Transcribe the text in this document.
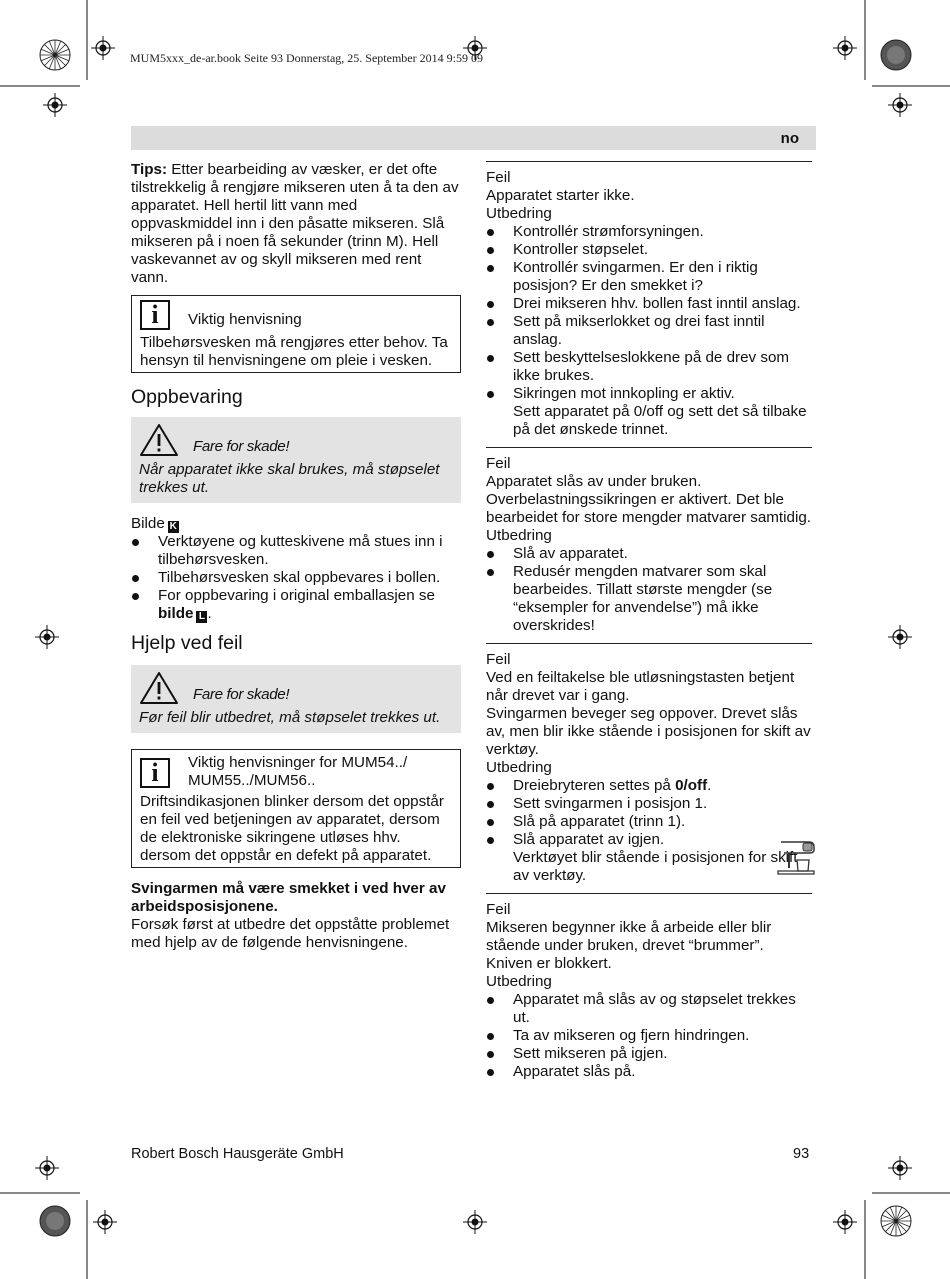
MUM5xxx_de-ar.book Seite 93 Donnerstag, 25. September 2014 9:59 09
no

Tips: Etter bearbeiding av væsker, er det ofte tilstrekkelig å rengjøre mikseren uten å ta den av apparatet. Hell hertil litt vann med oppvaskmiddel inn i den påsatte mikseren. Slå mikseren på i noen få sekunder (trinn M). Hell vaskevannet av og skyll mikseren med rent vann.

i	Viktig henvisning

Tilbehørsvesken må rengjøres etter behov. Ta hensyn til henvisningene om pleie i vesken.

Oppbevaring
Fare for skade!

Når apparatet ikke skal brukes, må støpselet trekkes ut.

Bilde K

Verktøyene og kutteskivene må stues inn i tilbehørsvesken.
Tilbehørsvesken skal oppbevares i bollen.
For oppbevaring i original emballasjen se bilde L .
Hjelp ved feil
Fare for skade!

Før feil blir utbedret, må støpselet trekkes ut.

i	Viktig henvisninger for MUM54../ MUM55../MUM56..

Driftsindikasjonen blinker dersom det oppstår en feil ved betjeningen av apparatet, dersom de elektroniske sikringene utløses hhv. dersom det oppstår en defekt på apparatet.

Svingarmen må være smekket i ved hver av arbeidsposisjonene.

Forsøk først at utbedre det oppståtte problemet med hjelp av de følgende henvisningene.

Feil

Apparatet starter ikke.

Utbedring

Kontrollér strømforsyningen.
Kontroller støpselet.
Kontrollér svingarmen. Er den i riktig posisjon? Er den smekket i?
Drei mikseren hhv. bollen fast inntil anslag.
Sett på mikserlokket og drei fast inntil anslag.
Sett beskyttelseslokkene på de drev som ikke brukes.
Sikringen mot innkopling er aktiv.
Sett apparatet på 0/off og sett det så tilbake på det ønskede trinnet.

Feil

Apparatet slås av under bruken. Overbelastningssikringen er aktivert. Det ble bearbeidet for store mengder matvarer samtidig.

Utbedring

Slå av apparatet.
Redusér mengden matvarer som skal bearbeides. Tillatt største mengder (se “eksempler for anvendelse”) må ikke overskrides!

Feil

Ved en feiltakelse ble utløsningstasten betjent når drevet var i gang.

Svingarmen beveger seg oppover. Drevet slås av, men blir ikke stående i posisjonen for skift av verktøy.

Utbedring

Dreiebryteren settes på 0/off.
Sett svingarmen i posisjon 1.
Slå på apparatet (trinn 1).
Slå apparatet av igjen.
Verktøyet blir stående i posisjonen for skift av verktøy.

Feil

Mikseren begynner ikke å arbeide eller blir stående under bruken, drevet “brummer”. Kniven er blokkert.

Utbedring

Apparatet må slås av og støpselet trekkes ut.
Ta av mikseren og fjern hindringen.
Sett mikseren på igjen.
Apparatet slås på.
Robert Bosch Hausgeräte GmbH	93
